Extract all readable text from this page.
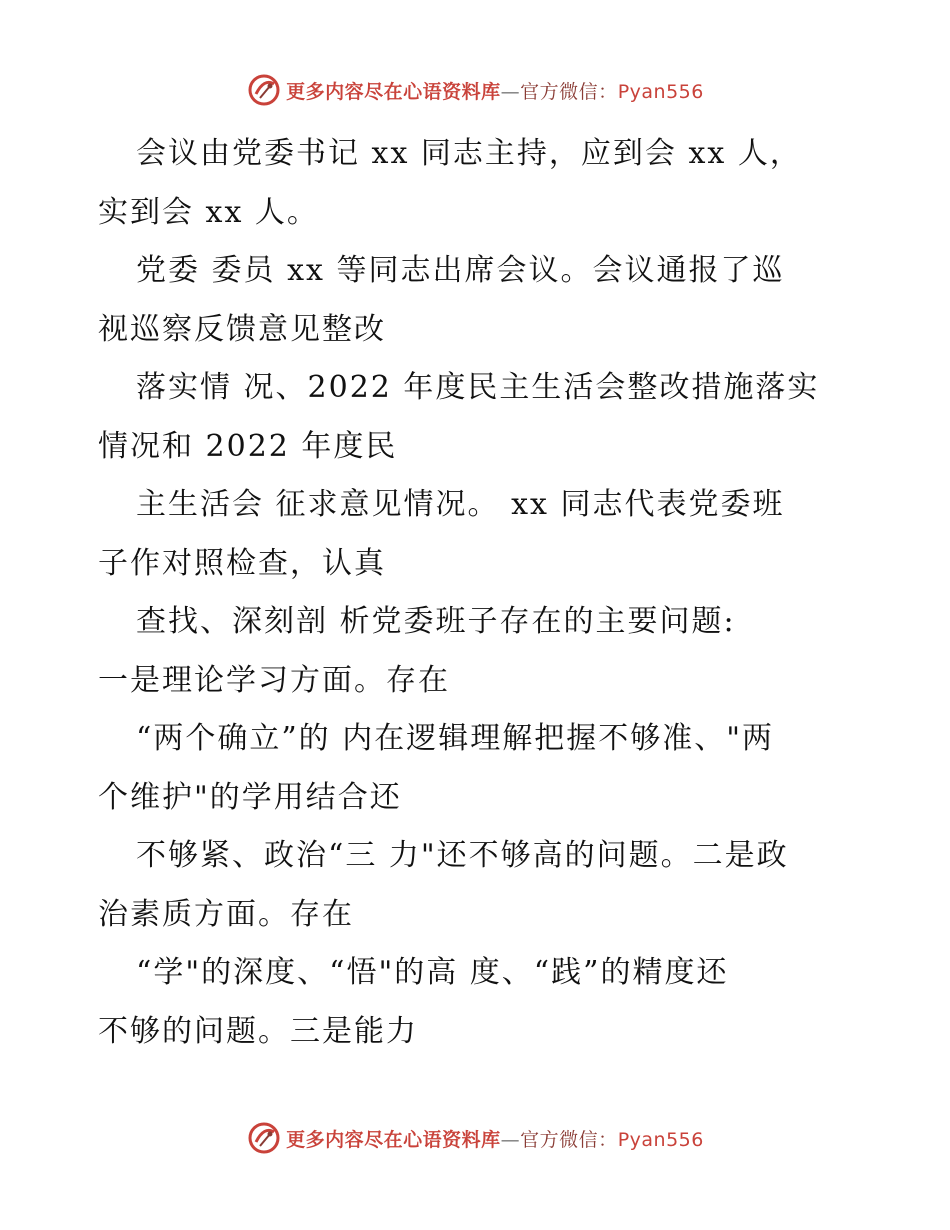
更多内容尽在心语资料库—官方微信：Pyan556
会议由党委书记 xx 同志主持，应到会 xx 人，
实到会 xx 人。
党委 委员 xx 等同志出席会议。会议通报了巡
视巡察反馈意见整改
落实情 况、2022 年度民主生活会整改措施落实
情况和 2022 年度民
主生活会 征求意见情况。 xx 同志代表党委班
子作对照检查，认真
查找、深刻剖 析党委班子存在的主要问题:
一是理论学习方面。存在
“两个确立”的 内在逻辑理解把握不够准、"两
个维护"的学用结合还
不够紧、政治“三 力"还不够高的问题。二是政
治素质方面。存在
“学"的深度、“悟"的高 度、“践”的精度还
不够的问题。三是能力
更多内容尽在心语资料库—官方微信：Pyan556
